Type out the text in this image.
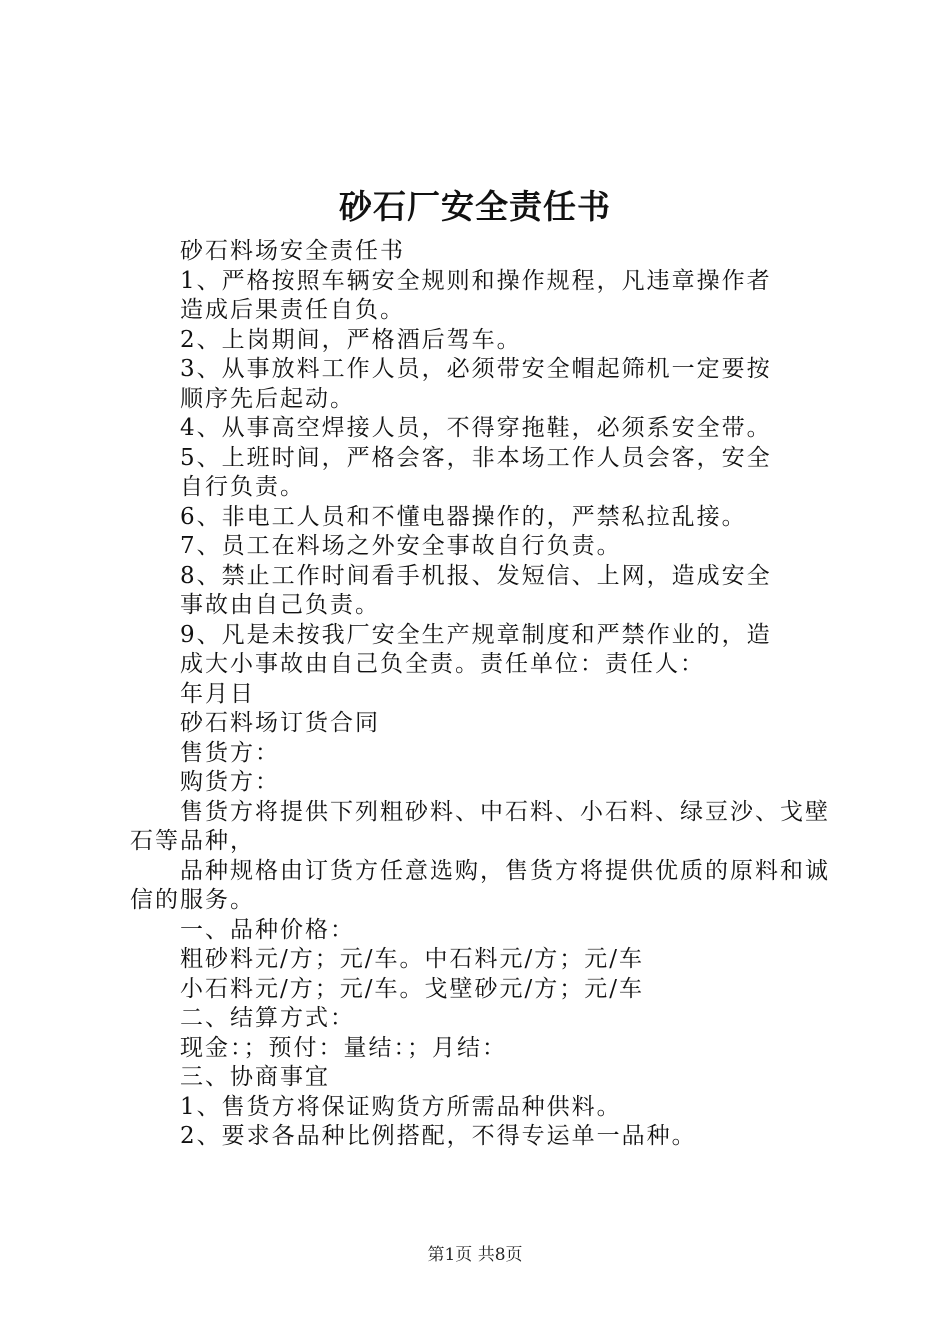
砂石厂安全责任书

砂石料场安全责任书

1、严格按照车辆安全规则和操作规程，凡违章操作者造成后果责任自负。

2、上岗期间，严格酒后驾车。

3、从事放料工作人员，必须带安全帽起筛机一定要按顺序先后起动。

4、从事高空焊接人员，不得穿拖鞋，必须系安全带。

5、上班时间，严格会客，非本场工作人员会客，安全自行负责。

6、非电工人员和不懂电器操作的，严禁私拉乱接。

7、员工在料场之外安全事故自行负责。

8、禁止工作时间看手机报、发短信、上网，造成安全事故由自己负责。

9、凡是未按我厂安全生产规章制度和严禁作业的，造成大小事故由自己负全责。责任单位：责任人：

年月日

砂石料场订货合同

售货方：

购货方：

售货方将提供下列粗砂料、中石料、小石料、绿豆沙、戈壁石等品种，

品种规格由订货方任意选购，售货方将提供优质的原料和诚信的服务。

一、品种价格：

粗砂料元/方；元/车。中石料元/方；元/车

小石料元/方；元/车。戈壁砂元/方；元/车

二、结算方式：

现金：；预付：量结：；月结：

三、协商事宜

1、售货方将保证购货方所需品种供料。

2、要求各品种比例搭配，不得专运单一品种。

第1页 共8页
